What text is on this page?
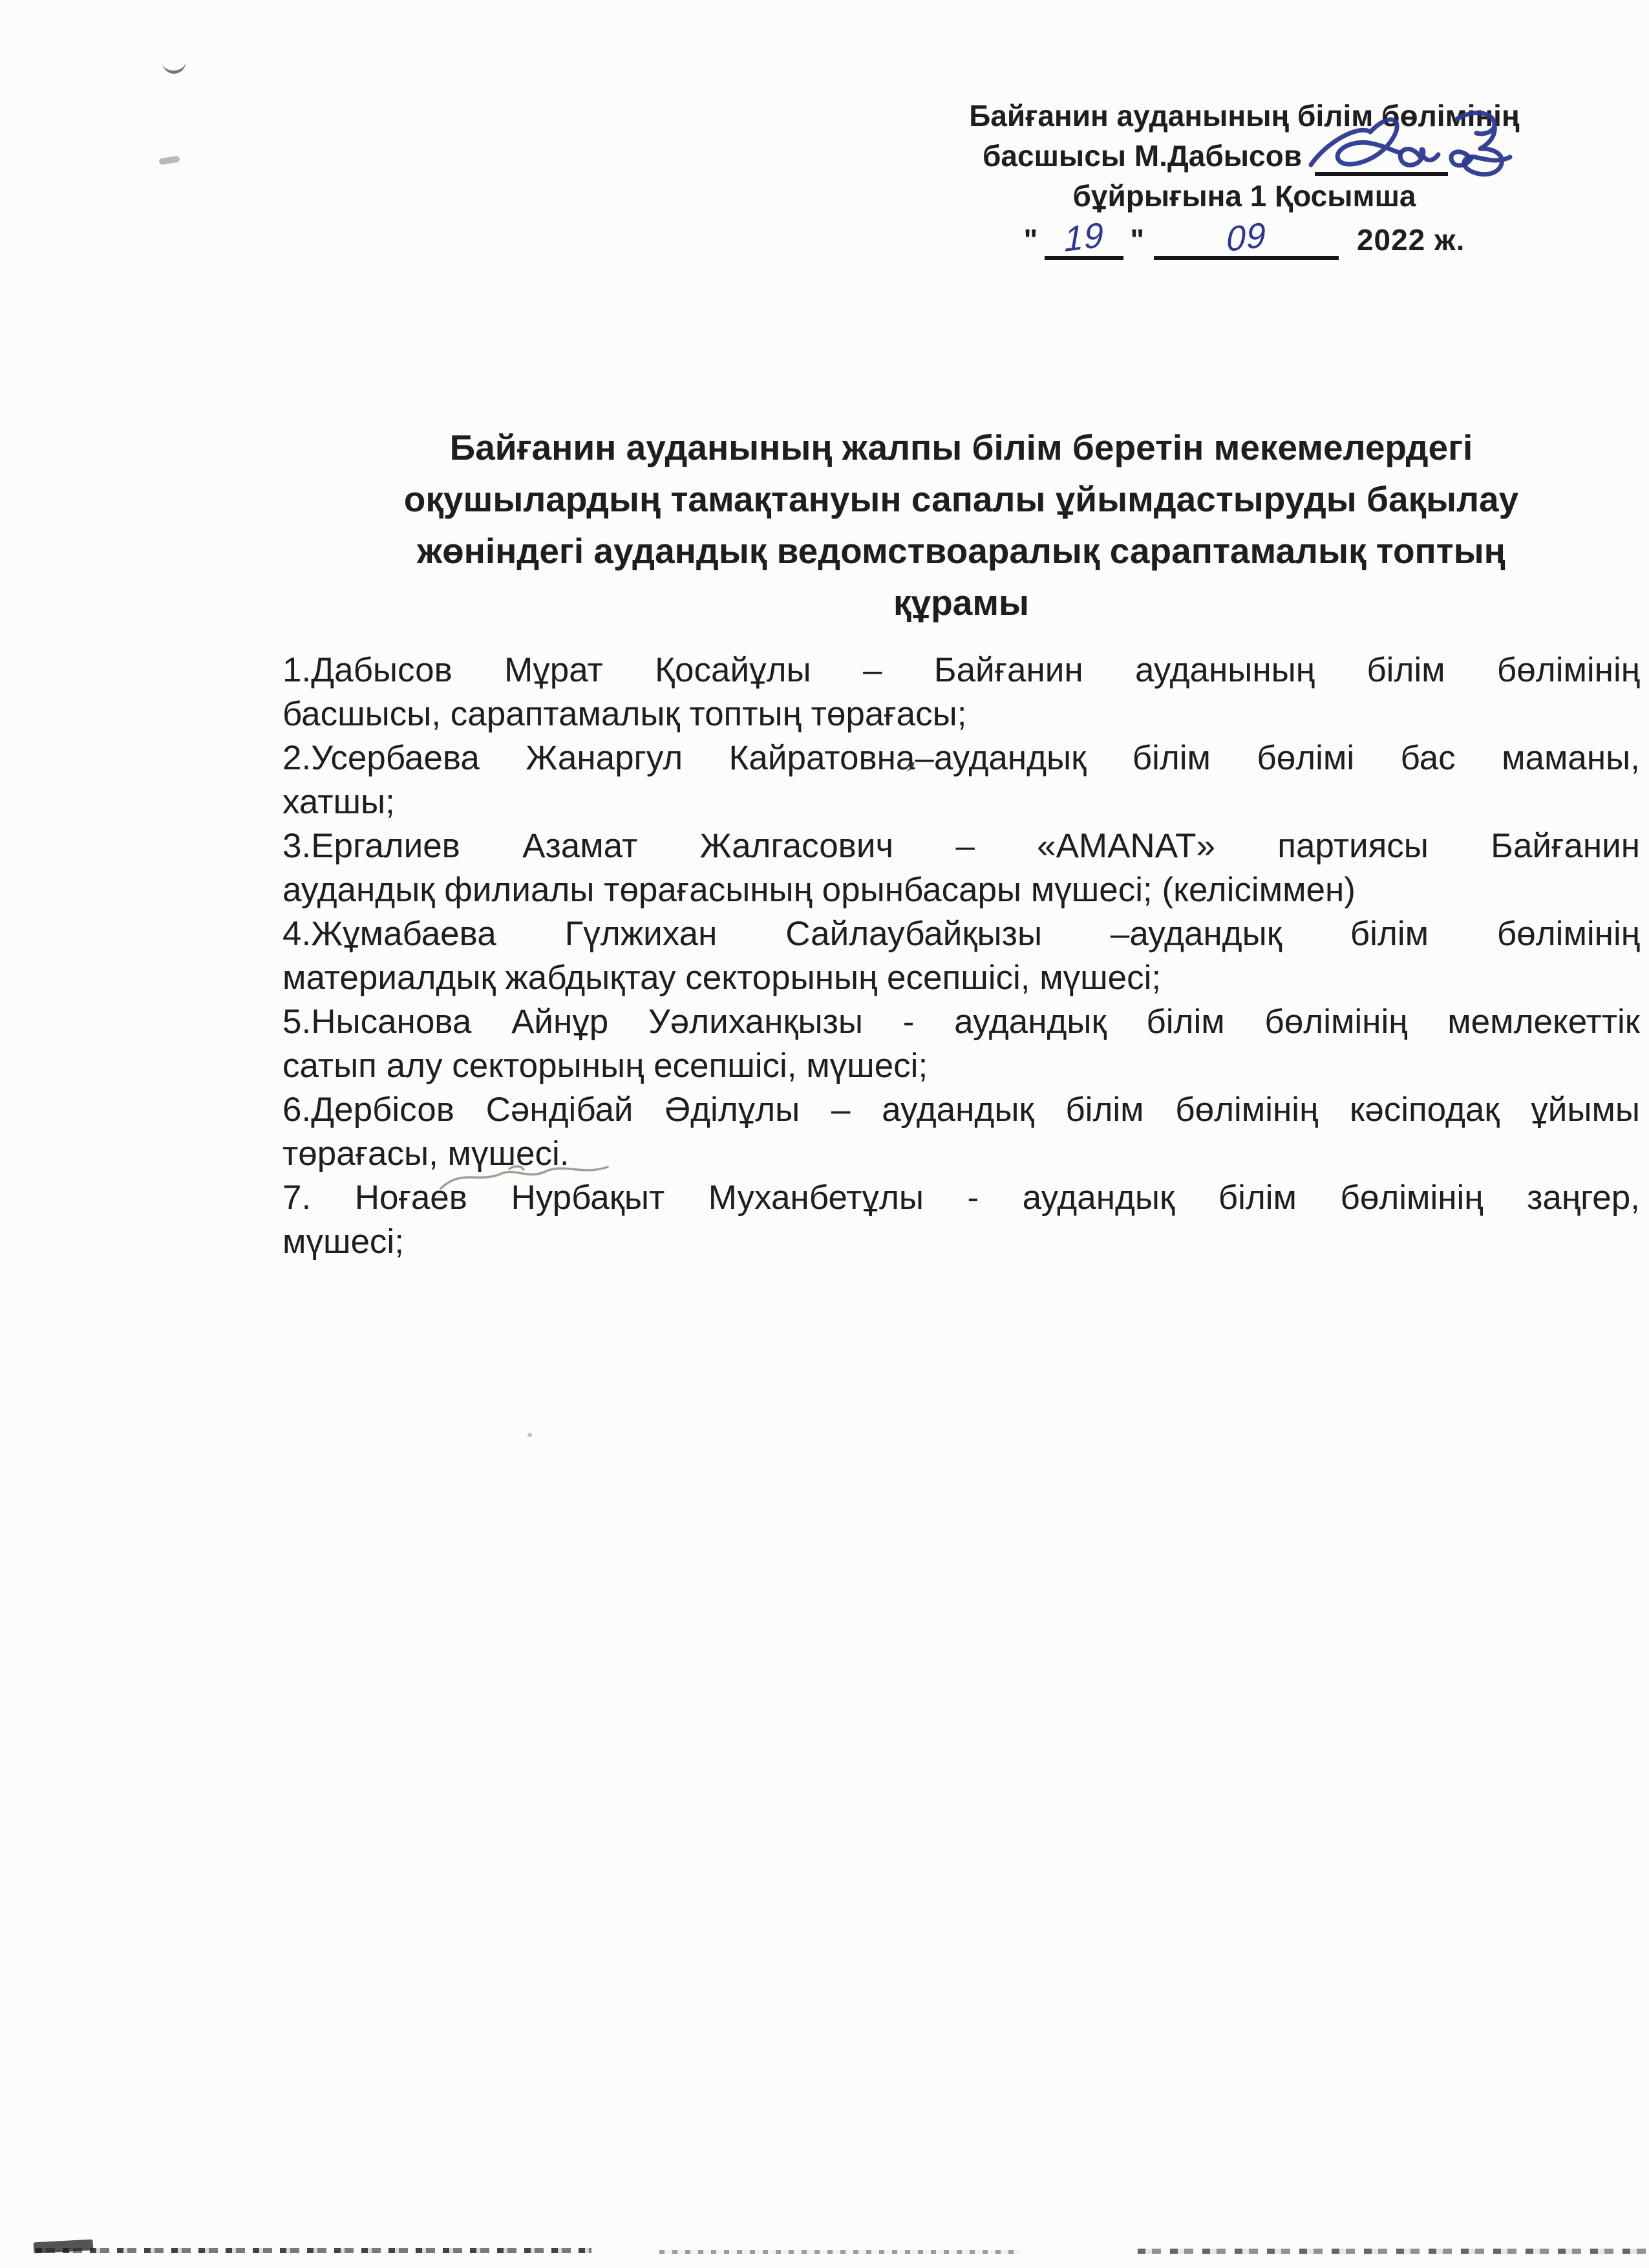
Байғанин ауданының білім бөлімінің
басшысы М.Дабысов
бұйрығына 1 Қосымша
" 19 " 09	2022 ж.
Байғанин ауданының жалпы білім беретін мекемелердегі
оқушылардың тамақтануын сапалы ұйымдастыруды бақылау
жөніндегі аудандық ведомствоаралық сараптамалық топтың
құрамы

1.Дабысов Мұрат Қосайұлы – Байғанин ауданының білім бөлімінің
басшысы, сараптамалық топтың төрағасы;

2.Усербаева Жанаргул Кайратовна–аудандық білім бөлімі бас маманы,
хатшы;

3.Ергалиев Азамат Жалгасович – «AMANAT» партиясы Байғанин
аудандық филиалы төрағасының орынбасары мүшесі; (келісіммен)

4.Жұмабаева Гүлжихан Сайлаубайқызы –аудандық білім бөлімінің
материалдық жабдықтау секторының есепшісі, мүшесі;

5.Нысанова Айнұр Уәлиханқызы - аудандық білім бөлімінің мемлекеттік
сатып алу секторының есепшісі, мүшесі;

6.Дербісов Сәндібай Әділұлы – аудандық білім бөлімінің кәсіподақ ұйымы
төрағасы, мүшесі.

7. Ноғаев Нурбақыт Муханбетұлы - аудандық білім бөлімінің заңгер,
мүшесі;
